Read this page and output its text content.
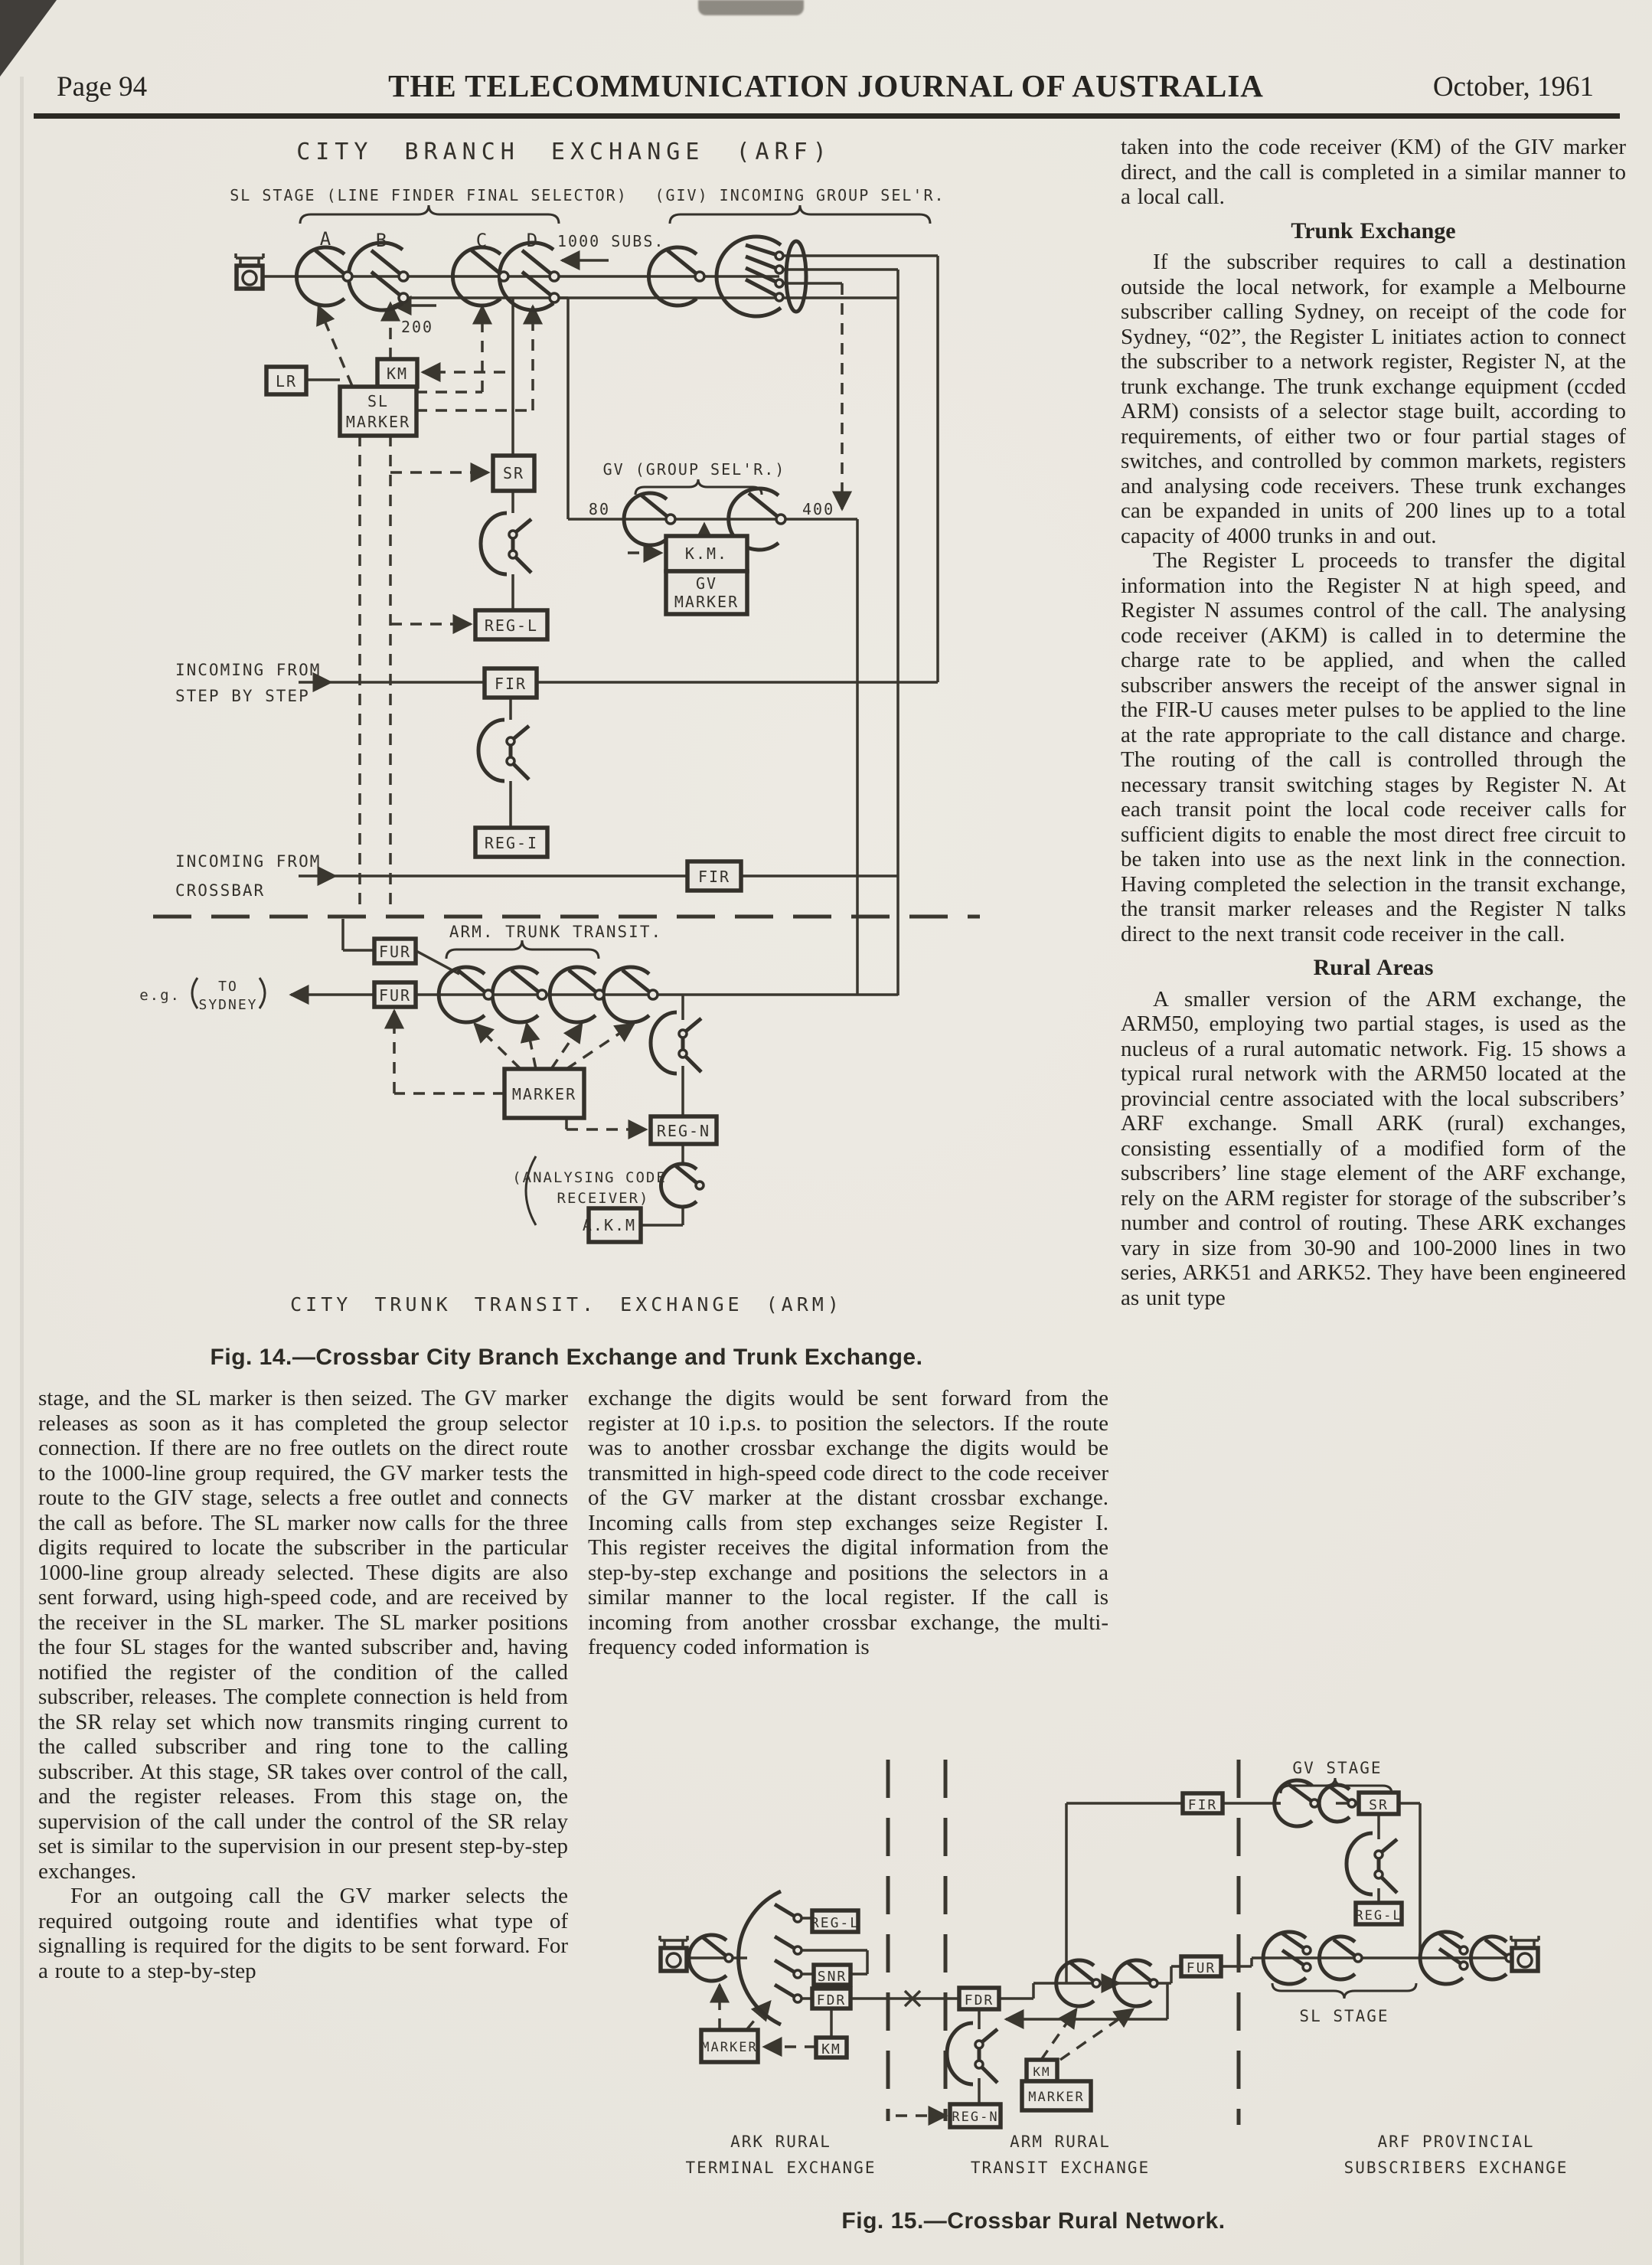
Page 94	THE TELECOMMUNICATION JOURNAL OF AUSTRALIA	October, 1961
LR	KM
SL
MARKER
SR
K.M.
GV
MARKER
REG-L
FIR
REG-I
FIR
FUR
FUR
MARKER
REG-N
A.K.M.
CITY BRANCH EXCHANGE (ARF)
SL STAGE (LINE FINDER FINAL SELECTOR) (GIV) INCOMING GROUP SEL'R.
A B	C D 1000 SUBS.
200
GV (GROUP SEL'R.)
80	400
INCOMING FROM
STEP BY STEP
INCOMING FROM
CROSSBAR
ARM. TRUNK TRANSIT.
e.g.
TO
SYDNEY
(ANALYSING CODE
RECEIVER)
CITY TRUNK TRANSIT. EXCHANGE (ARM)
Fig. 14.—Crossbar City Branch Exchange and Trunk Exchange.
REG-L
SNR
FDR
KM
MARKER
FDR
REG-N
KM
MARKER
FIR	SR
REG-L
FUR
GV STAGE
SL STAGE
ARK RURAL
TERMINAL EXCHANGE
ARM RURAL
TRANSIT EXCHANGE
ARF PROVINCIAL
SUBSCRIBERS EXCHANGE
Fig. 15.—Crossbar Rural Network.

stage, and the SL marker is then seized. The GV marker releases as soon as it has completed the group selector connection. If there are no free outlets on the direct route to the 1000-line group required, the GV marker tests the route to the GIV stage, selects a free outlet and connects the call as before. The SL marker now calls for the three digits required to locate the subscriber in the particular 1000-line group already selected. These digits are also sent forward, using high-speed code, and are received by the receiver in the SL marker. The SL marker positions the four SL stages for the wanted subscriber and, having notified the register of the condition of the called subscriber, releases. The complete connection is held from the SR relay set which now transmits ringing current to the called subscriber and ring tone to the calling subscriber. At this stage, SR takes over control of the call, and the register releases. From this stage on, the supervision of the call under the control of the SR relay set is similar to the supervision in our present step-by-step exchanges.

For an outgoing call the GV marker selects the required outgoing route and identifies what type of signalling is required for the digits to be sent forward. For a route to a step-by-step

exchange the digits would be sent forward from the register at 10 i.p.s. to position the selectors. If the route was to another crossbar exchange the digits would be transmitted in high-speed code direct to the code receiver of the GV marker at the distant crossbar exchange. Incoming calls from step exchanges seize Register I. This register receives the digital information from the step-by-step exchange and positions the selectors in a similar manner to the local register. If the call is incoming from another crossbar exchange, the multi-frequency coded information is

taken into the code receiver (KM) of the GIV marker direct, and the call is completed in a similar manner to a local call.

Trunk Exchange

If the subscriber requires to call a destination outside the local network, for example a Melbourne subscriber calling Sydney, on receipt of the code for Sydney, “02”, the Register L initiates action to connect the subscriber to a network register, Register N, at the trunk exchange. The trunk exchange equipment (ccded ARM) consists of a selector stage built, according to requirements, of either two or four partial stages of switches, and controlled by common markets, registers and analysing code receivers. These trunk exchanges can be expanded in units of 200 lines up to a total capacity of 4000 trunks in and out.

The Register L proceeds to transfer the digital information into the Register N at high speed, and Register N assumes control of the call. The analysing code receiver (AKM) is called in to determine the charge rate to be applied, and when the called subscriber answers the receipt of the answer signal in the FIR-U causes meter pulses to be applied to the line at the rate appropriate to the call distance and charge. The routing of the call is controlled through the necessary transit switching stages by Register N. At each transit point the local code receiver calls for sufficient digits to enable the most direct free circuit to be taken into use as the next link in the connection. Having completed the selection in the transit exchange, the transit marker releases and the Register N talks direct to the next transit code receiver in the call.

Rural Areas

A smaller version of the ARM exchange, the ARM50, employing two partial stages, is used as the nucleus of a rural automatic network. Fig. 15 shows a typical rural network with the ARM50 located at the provincial centre associated with the local subscribers’ ARF exchange. Small ARK (rural) exchanges, consisting essentially of a modified form of the subscribers’ line stage element of the ARF exchange, rely on the ARM register for storage of the subscriber’s number and control of routing. These ARK exchanges vary in size from 30-90 and 100-2000 lines in two series, ARK51 and ARK52. They have been engineered as unit type
